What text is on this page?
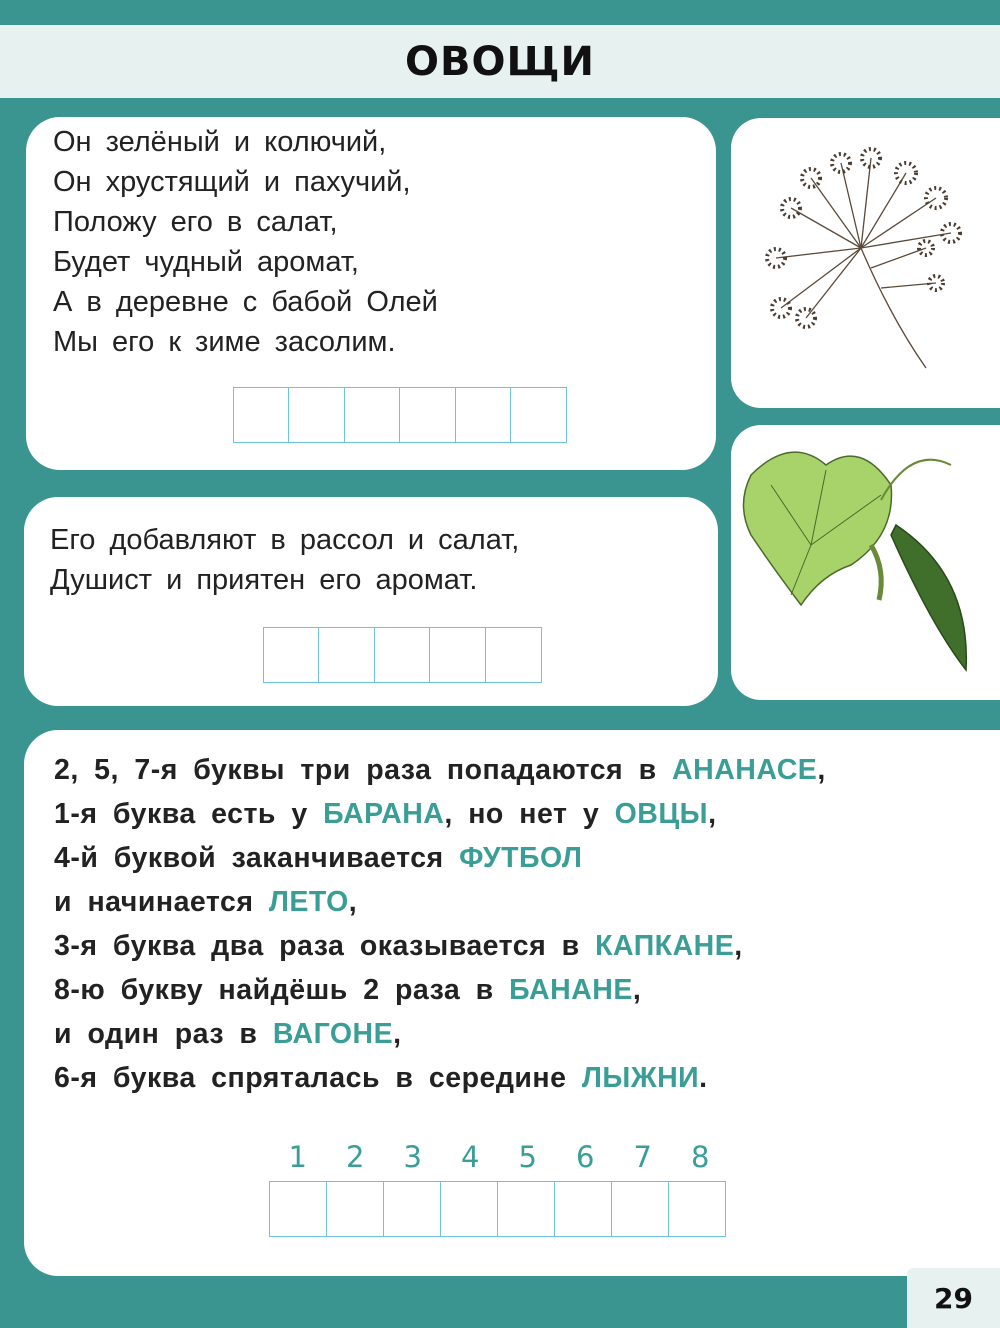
ОВОЩИ
Он зелёный и колючий,
Он хрустящий и пахучий,
Положу его в салат,
Будет чудный аромат,
А в деревне с бабой Олей
Мы его к зиме засолим.
Его добавляют в рассол и салат,
Душист и приятен его аромат.
2, 5, 7-я буквы три раза попадаются в АНАНАСЕ,
1-я буква есть у БАРАНА, но нет у ОВЦЫ,
4-й буквой заканчивается ФУТБОЛ
и начинается ЛЕТО,
3-я буква два раза оказывается в КАПКАНЕ,
8-ю букву найдёшь 2 раза в БАНАНЕ,
и один раз в ВАГОНЕ,
6-я буква спряталась в середине ЛЫЖНИ.
1	2	3	4	5	6	7	8
29
